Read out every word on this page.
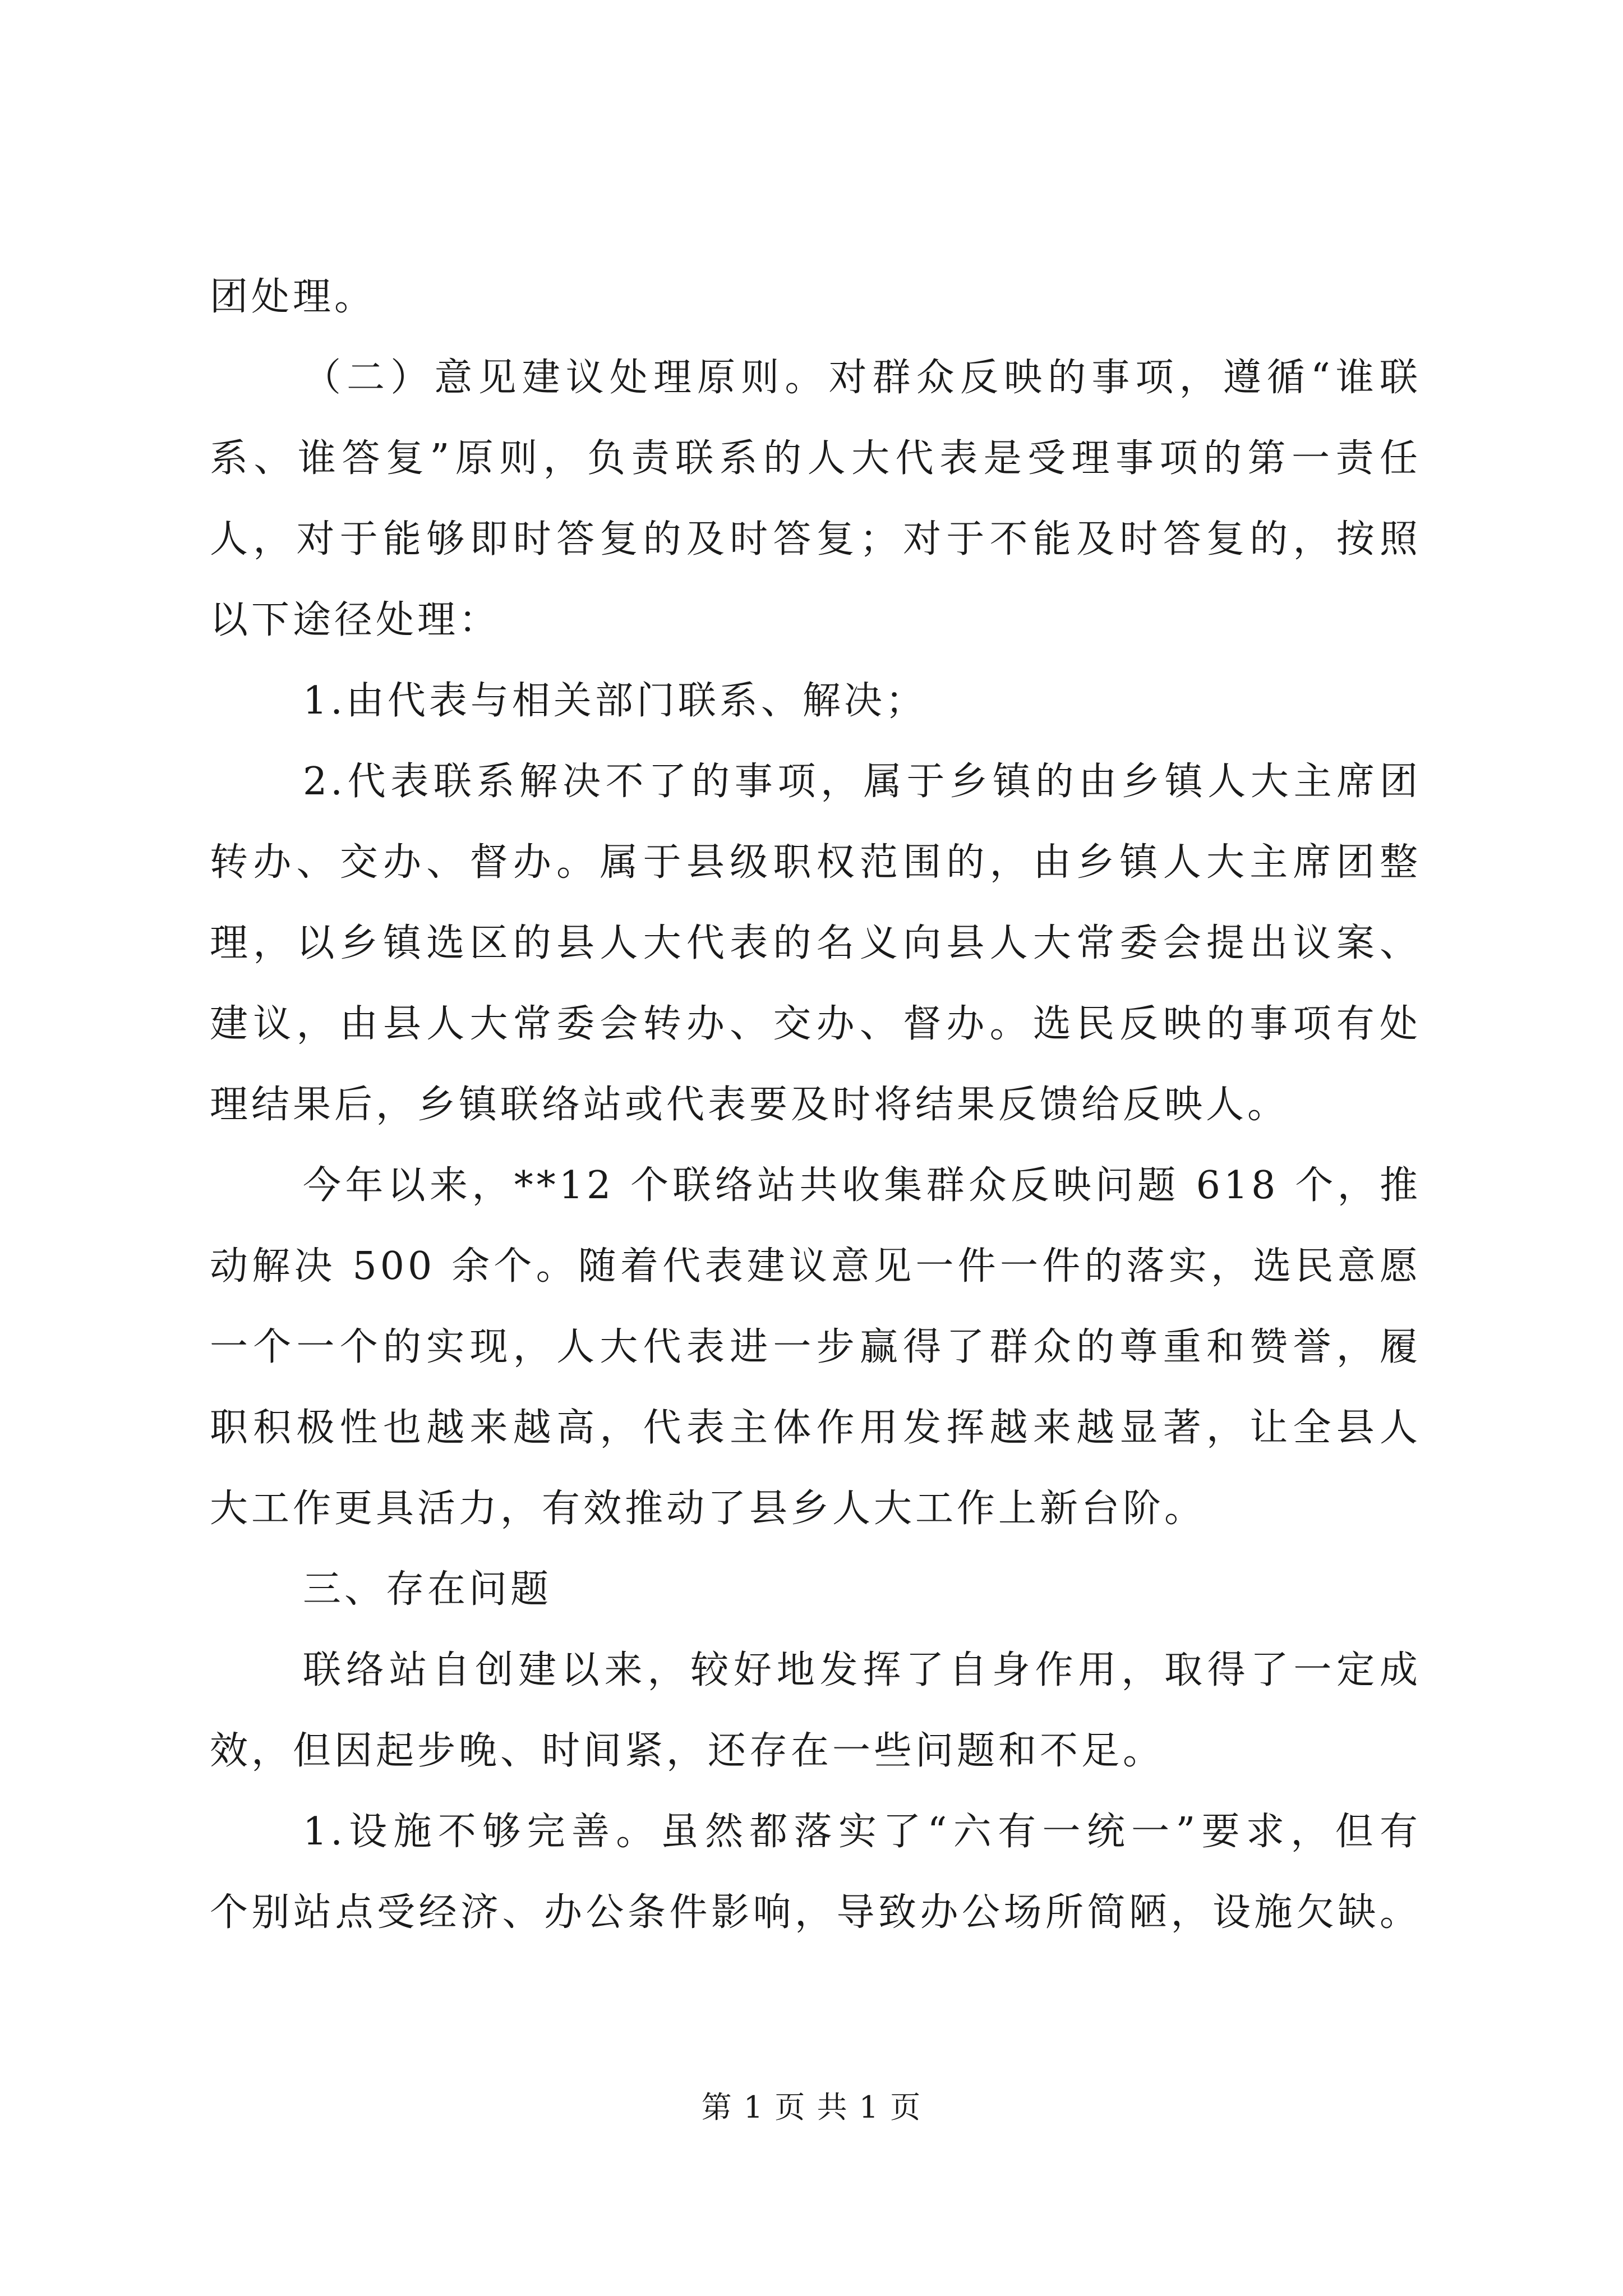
团处理。
（二）意见建议处理原则。对群众反映的事项，遵循“谁联
系、谁答复”原则，负责联系的人大代表是受理事项的第一责任
人，对于能够即时答复的及时答复；对于不能及时答复的，按照
以下途径处理：
1.由代表与相关部门联系、解决；
2.代表联系解决不了的事项，属于乡镇的由乡镇人大主席团
转办、交办、督办。属于县级职权范围的，由乡镇人大主席团整
理，以乡镇选区的县人大代表的名义向县人大常委会提出议案、
建议，由县人大常委会转办、交办、督办。选民反映的事项有处
理结果后，乡镇联络站或代表要及时将结果反馈给反映人。
今年以来，**12 个联络站共收集群众反映问题 618 个，推
动解决 500 余个。随着代表建议意见一件一件的落实，选民意愿
一个一个的实现，人大代表进一步赢得了群众的尊重和赞誉，履
职积极性也越来越高，代表主体作用发挥越来越显著，让全县人
大工作更具活力，有效推动了县乡人大工作上新台阶。
三、存在问题
联络站自创建以来，较好地发挥了自身作用，取得了一定成
效，但因起步晚、时间紧，还存在一些问题和不足。
1.设施不够完善。虽然都落实了“六有一统一”要求，但有
个别站点受经济、办公条件影响，导致办公场所简陋，设施欠缺。
第 1 页 共 1 页
